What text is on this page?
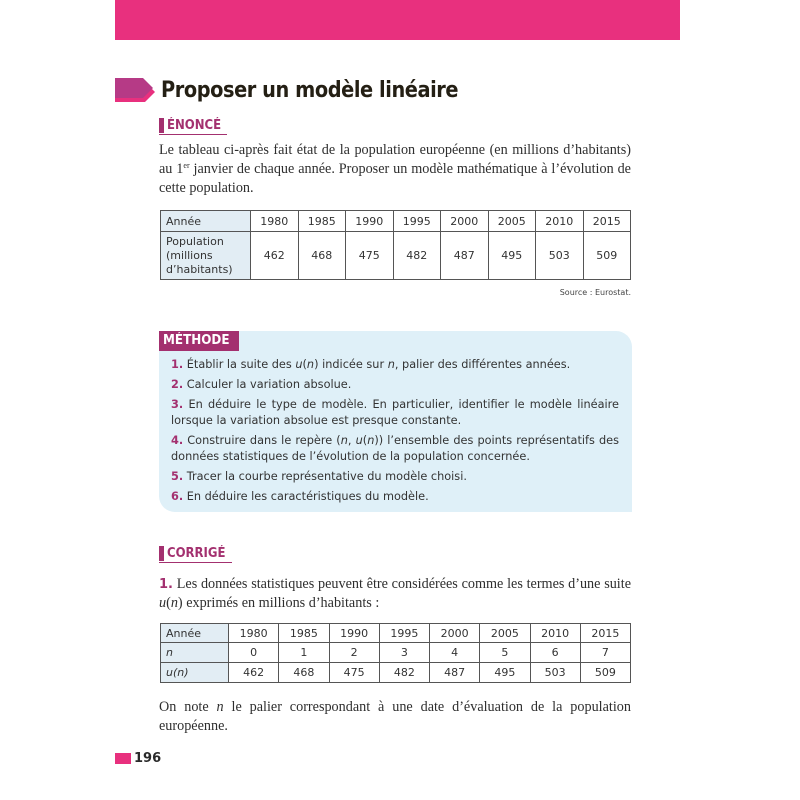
Proposer un modèle linéaire
ÉNONCÉ
Le tableau ci-après fait état de la population européenne (en millions d’habitants) au 1er janvier de chaque année. Proposer un modèle mathématique à l’évolution de cette population.
Année	1980	1985	1990	1995	2000	2005	2010	2015
Population (millions d’habitants)	462	468	475	482	487	495	503	509
Source : Eurostat.
MÉTHODE
1. Établir la suite des u(n) indicée sur n, palier des différentes années.
2. Calculer la variation absolue.
3. En déduire le type de modèle. En particulier, identifier le modèle linéaire lorsque la variation absolue est presque constante.
4. Construire dans le repère (n, u(n)) l’ensemble des points représentatifs des données statistiques de l’évolution de la population concernée.
5. Tracer la courbe représentative du modèle choisi.
6. En déduire les caractéristiques du modèle.
CORRIGÉ
1. Les données statistiques peuvent être considérées comme les termes d’une suite u(n) exprimés en millions d’habitants :
Année	1980	1985	1990	1995	2000	2005	2010	2015
n	0	1	2	3	4	5	6	7
u(n)	462	468	475	482	487	495	503	509
On note n le palier correspondant à une date d’évaluation de la population européenne.
196
